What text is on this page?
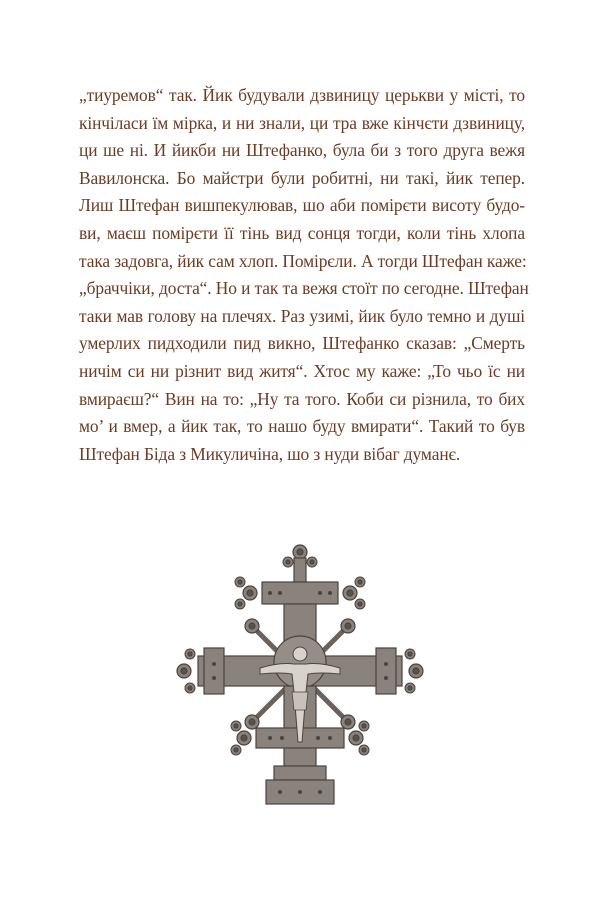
„тиуремов“ так. Йик будували дзвиницу церькви у місті, то
кінчіласи їм мірка, и ни знали, ци тра вже кінчєти дзвиницу,
ци ше ні. И йикби ни Штефанко, була би з того друга вежя
Вавилонска. Бо майстри були робитні, ни такі, йик тепер.
Лиш Штефан вишпекулював, шо аби помірєти висоту будо-
ви, маєш помірєти її тінь вид сонця тогди, коли тінь хлопа
така задовга, йик сам хлоп. Помірєли. А тогди Штефан каже:
„браччіки, доста“. Но и так та вежя стоїт по сегодне. Штефан
таки мав голову на плечях. Раз узимі, йик було темно и душі
умерлих пидходили пид викно, Штефанко сказав: „Смерть
ничім си ни різнит вид житя“. Хтос му каже: „То чьо їс ни
вмираєш?“ Вин на то: „Ну та того. Коби си різнила, то бих
мо’ и вмер, а йик так, то нашо буду вмирати“. Такий то був
Штефан Біда з Микуличіна, шо з нуди вібаг думанє.
